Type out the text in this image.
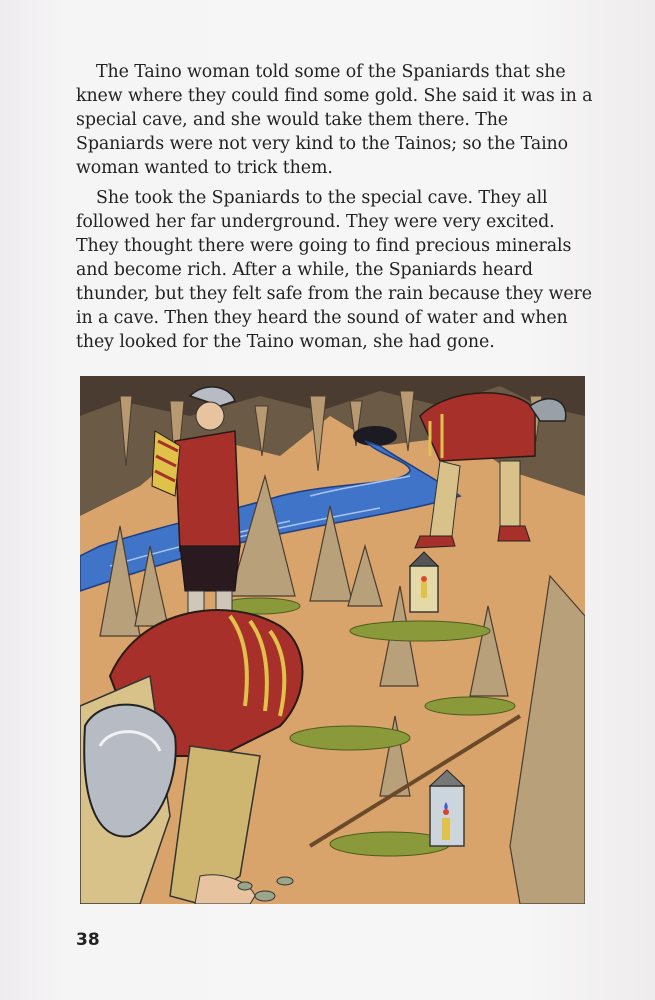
The Taino woman told some of the Spaniards that she knew where they could find some gold. She said it was in a special cave, and she would take them there. The Spaniards were not very kind to the Tainos; so the Taino woman wanted to trick them.

She took the Spaniards to the special cave. They all followed her far underground. They were very excited. They thought there were going to find precious minerals and become rich. After a while, the Spaniards heard thunder, but they felt safe from the rain because they were in a cave. Then they heard the sound of water and when they looked for the Taino woman, she had gone.

38
